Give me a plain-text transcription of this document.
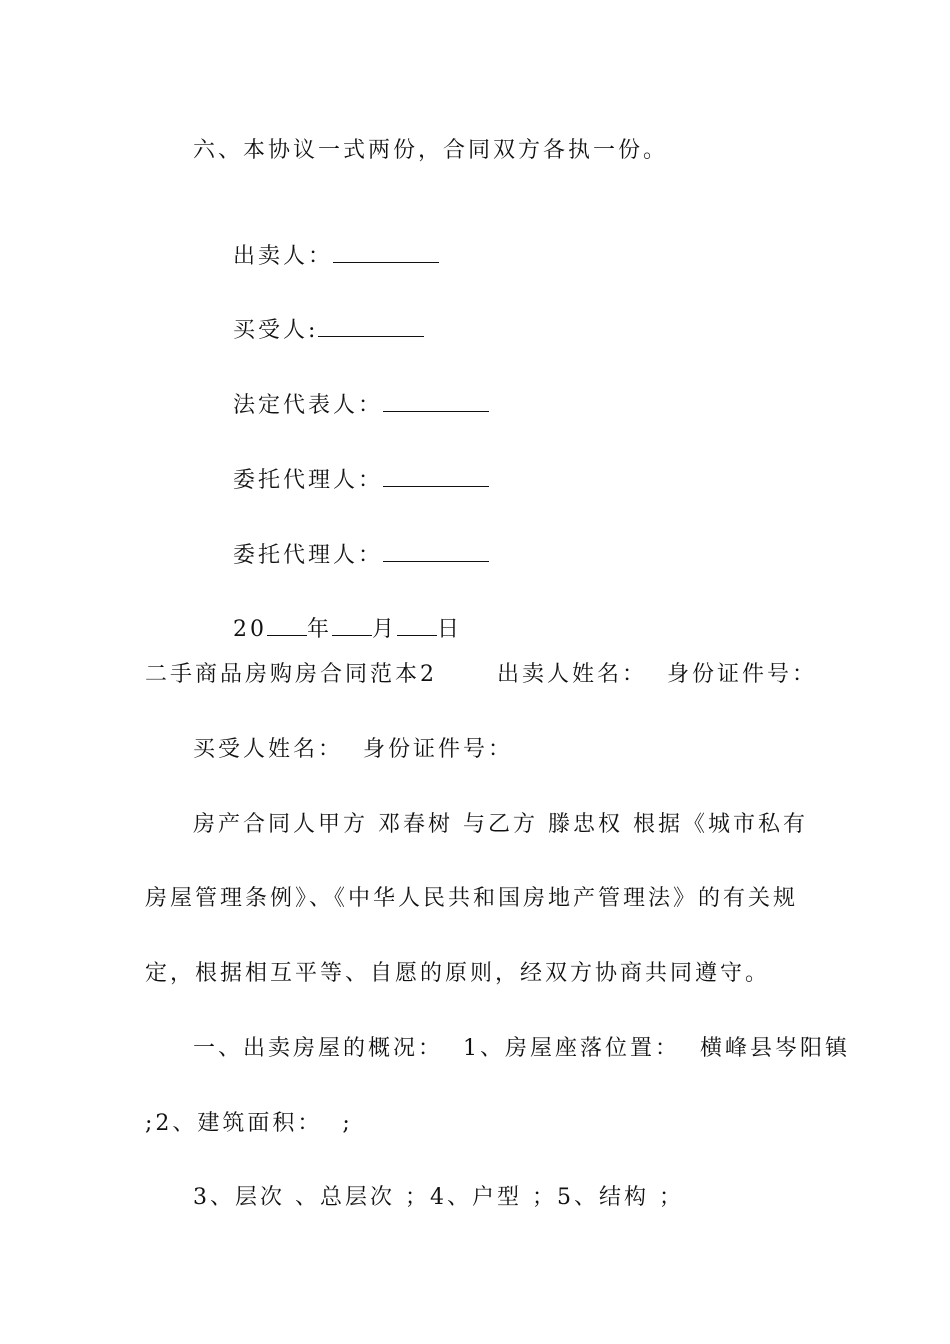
六、本协议一式两份，合同双方各执一份。

出卖人：

买受人:

法定代表人：

委托代理人：

委托代理人：

20 年 月 日

二手商品房购房合同范本2      出卖人姓名：  身份证件号：
买受人姓名：  身份证件号：
房产合同人甲方 邓春树 与乙方 滕忠权 根据《城市私有
房屋管理条例》、《中华人民共和国房地产管理法》的有关规
定，根据相互平等、自愿的原则，经双方协商共同遵守。
一、出卖房屋的概况：  1、房屋座落位置：  横峰县岑阳镇
;2、建筑面积：  ;
3、层次 、总层次 ；4、户型 ；5、结构 ；
